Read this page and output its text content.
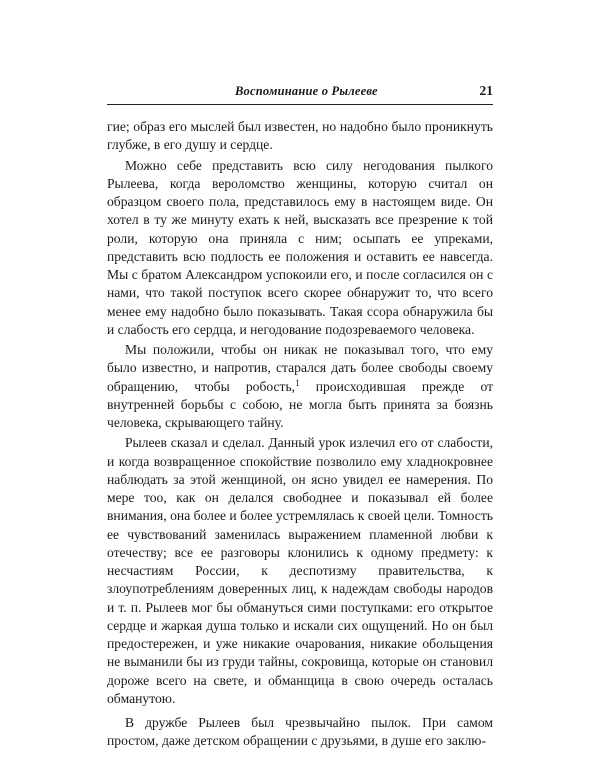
Воспоминание о Рылееве	21

гие; образ его мыслей был известен, но надобно было проникнуть глубже, в его душу и сердце.

Можно себе представить всю силу негодования пылкого Рылеева, когда вероломство женщины, которую считал он образцом своего пола, представилось ему в настоящем виде. Он хотел в ту же минуту ехать к ней, высказать все презрение к той роли, которую она приняла с ним; осыпать ее упреками, представить всю подлость ее положения и оставить ее навсегда. Мы с братом Александром успокоили его, и после согласился он с нами, что такой поступок всего скорее обнаружит то, что всего менее ему надобно было показывать. Такая ссора обнаружила бы и слабость его сердца, и негодование подозреваемого человека.

Мы положили, чтобы он никак не показывал того, что ему было известно, и напротив, старался дать более свободы своему обращению, чтобы робость,$^1$ происходившая прежде от внутренней борьбы с собою, не могла быть принята за боязнь человека, скрывающего тайну.

Рылеев сказал и сделал. Данный урок излечил его от слабости, и когда возвращенное спокойствие позволило ему хладнокровнее наблюдать за этой женщиной, он ясно увидел ее намерения. По мере тоо, как он делался свободнее и показывал ей более внимания, она более и более устремлялась к своей цели. Томность ее чувствований заменилась выражением пламенной любви к отечеству; все ее разговоры клонились к одному предмету: к несчастиям России, к деспотизму правительства, к злоупотреблениям доверенных лиц, к надеждам свободы народов и т. п. Рылеев мог бы обмануться сими поступками: его открытое сердце и жаркая душа только и искали сих ощущений. Но он был предостережен, и уже никакие очарования, никакие обольщения не выманили бы из груди тайны, сокровища, которые он становил дороже всего на свете, и обманщица в свою очередь осталась обманутою.

В дружбе Рылеев был чрезвычайно пылок. При самом простом, даже детском обращении с друзьями, в душе его заклю-
